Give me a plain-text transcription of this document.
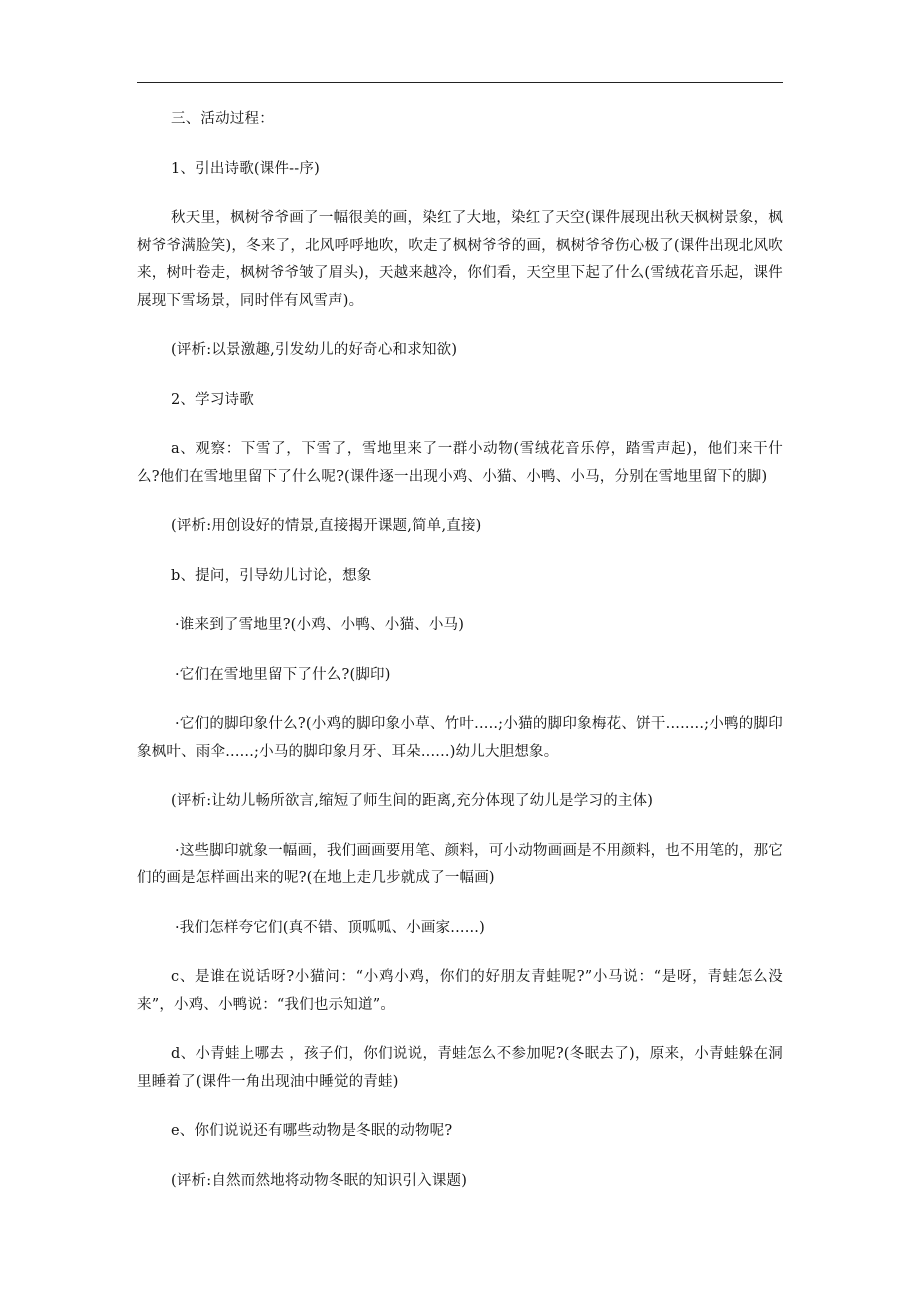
三、活动过程：

1、引出诗歌(课件--序)

秋天里，枫树爷爷画了一幅很美的画，染红了大地，染红了天空(课件展现出秋天枫树景象，枫树爷爷满脸笑)，冬来了，北风呼呼地吹，吹走了枫树爷爷的画，枫树爷爷伤心极了(课件出现北风吹来，树叶卷走，枫树爷爷皱了眉头)，天越来越冷，你们看，天空里下起了什么(雪绒花音乐起，课件展现下雪场景，同时伴有风雪声)。

(评析:以景激趣,引发幼儿的好奇心和求知欲)

2、学习诗歌

a、观察：下雪了，下雪了，雪地里来了一群小动物(雪绒花音乐停，踏雪声起)，他们来干什么?他们在雪地里留下了什么呢?(课件逐一出现小鸡、小猫、小鸭、小马，分别在雪地里留下的脚)

(评析:用创设好的情景,直接揭开课题,简单,直接)

b、提问，引导幼儿讨论，想象

·谁来到了雪地里?(小鸡、小鸭、小猫、小马)

·它们在雪地里留下了什么?(脚印)

·它们的脚印象什么?(小鸡的脚印象小草、竹叶.....;小猫的脚印象梅花、饼干........;小鸭的脚印象枫叶、雨伞......;小马的脚印象月牙、耳朵......)幼儿大胆想象。

(评析:让幼儿畅所欲言,缩短了师生间的距离,充分体现了幼儿是学习的主体)

·这些脚印就象一幅画，我们画画要用笔、颜料，可小动物画画是不用颜料，也不用笔的，那它们的画是怎样画出来的呢?(在地上走几步就成了一幅画)

·我们怎样夸它们(真不错、顶呱呱、小画家......)

c、是谁在说话呀?小猫问：“小鸡小鸡，你们的好朋友青蛙呢?”小马说：“是呀，青蛙怎么没来”，小鸡、小鸭说：“我们也示知道”。

d、小青蛙上哪去 ，孩子们，你们说说，青蛙怎么不参加呢?(冬眠去了)，原来，小青蛙躲在洞里睡着了(课件一角出现油中睡觉的青蛙)

e、你们说说还有哪些动物是冬眠的动物呢?

(评析:自然而然地将动物冬眠的知识引入课题)
